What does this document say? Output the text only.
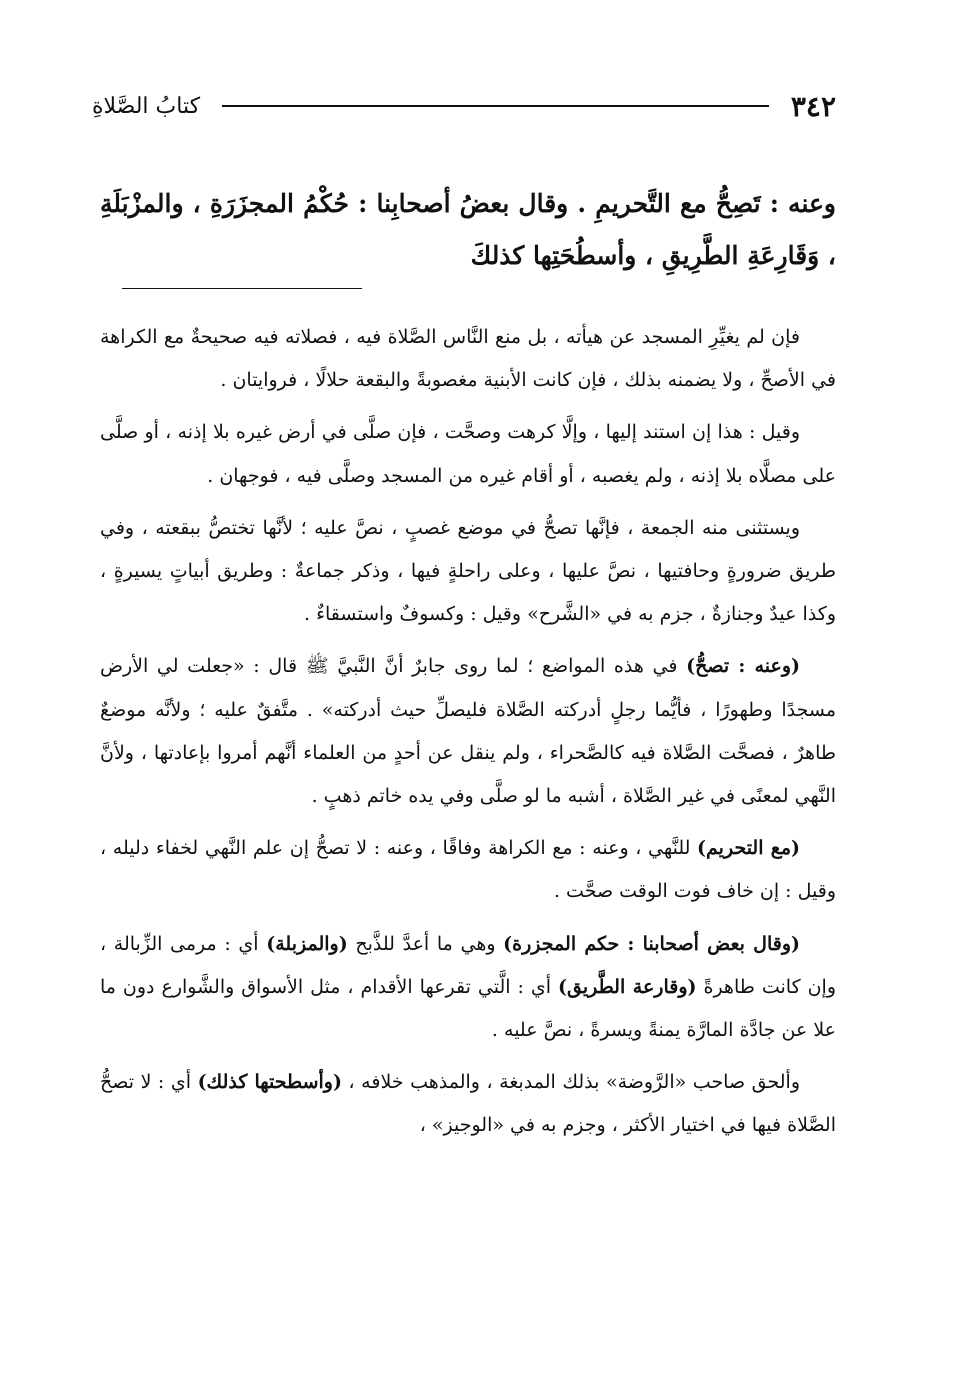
٣٤٢
كتابُ الصَّلاةِ

وعنه : تَصِحُّ مع التَّحريمِ . وقال بعضُ أصحابِنا : حُكْمُ المجزَرَةِ ، والمزْبَلَةِ ، وَقَارِعَةِ الطَّرِيقِ ، وأسطُحَتِها كذلكَ

فإن لم يغيِّرِ المسجد عن هيأته ، بل منع النَّاس الصَّلاة فيه ، فصلاته فيه صحيحةٌ مع الكراهة في الأصحِّ ، ولا يضمنه بذلك ، فإن كانت الأبنية مغصوبةً والبقعة حلالًا ، فروايتان .

وقيل : هذا إن استند إليها ، وإلَّا كرهت وصحَّت ، فإن صلَّى في أرض غيره بلا إذنه ، أو صلَّى على مصلَّاه بلا إذنه ، ولم يغصبه ، أو أقام غيره من المسجد وصلَّى فيه ، فوجهان .

ويستثنى منه الجمعة ، فإنَّها تصحُّ في موضع غصبٍ ، نصَّ عليه ؛ لأنَّها تختصُّ ببقعته ، وفي طريق ضرورةٍ وحافتيها ، نصَّ عليها ، وعلى راحلةٍ فيها ، وذكر جماعةٌ : وطريق أبياتٍ يسيرةٍ ، وكذا عيدٌ وجنازةٌ ، جزم به في «الشَّرح» وقيل : وكسوفٌ واستسقاءٌ .

(وعنه : تصحُّ) في هذه المواضع ؛ لما روى جابرٌ أنَّ النَّبيَّ ﷺ قال : «جعلت لي الأرض مسجدًا وطهورًا ، فأيُّما رجلٍ أدركته الصَّلاة فليصلِّ حيث أدركته» . متَّفقٌ عليه ؛ ولأنَّه موضعٌ طاهرٌ ، فصحَّت الصَّلاة فيه كالصَّحراء ، ولم ينقل عن أحدٍ من العلماء أنَّهم أمروا بإعادتها ، ولأنَّ النَّهي لمعنًى في غير الصَّلاة ، أشبه ما لو صلَّى وفي يده خاتم ذهبٍ .

(مع التحريم) للنَّهي ، وعنه : مع الكراهة وفاقًا ، وعنه : لا تصحُّ إن علم النَّهي لخفاء دليله ، وقيل : إن خاف فوت الوقت صحَّت .

(وقال بعض أصحابنا : حكم المجزرة) وهي ما أعدَّ للذَّبح (والمزبلة) أي : مرمى الزِّبالة ، وإن كانت طاهرةً (وقارعة الطَّريق) أي : الَّتي تقرعها الأقدام ، مثل الأسواق والشَّوارع دون ما علا عن جادَّة المارَّة يمنةً ويسرةً ، نصَّ عليه .

وألحق صاحب «الرَّوضة» بذلك المدبغة ، والمذهب خلافه ، (وأسطحتها كذلك) أي : لا تصحُّ الصَّلاة فيها في اختيار الأكثر ، وجزم به في «الوجيز» ،
